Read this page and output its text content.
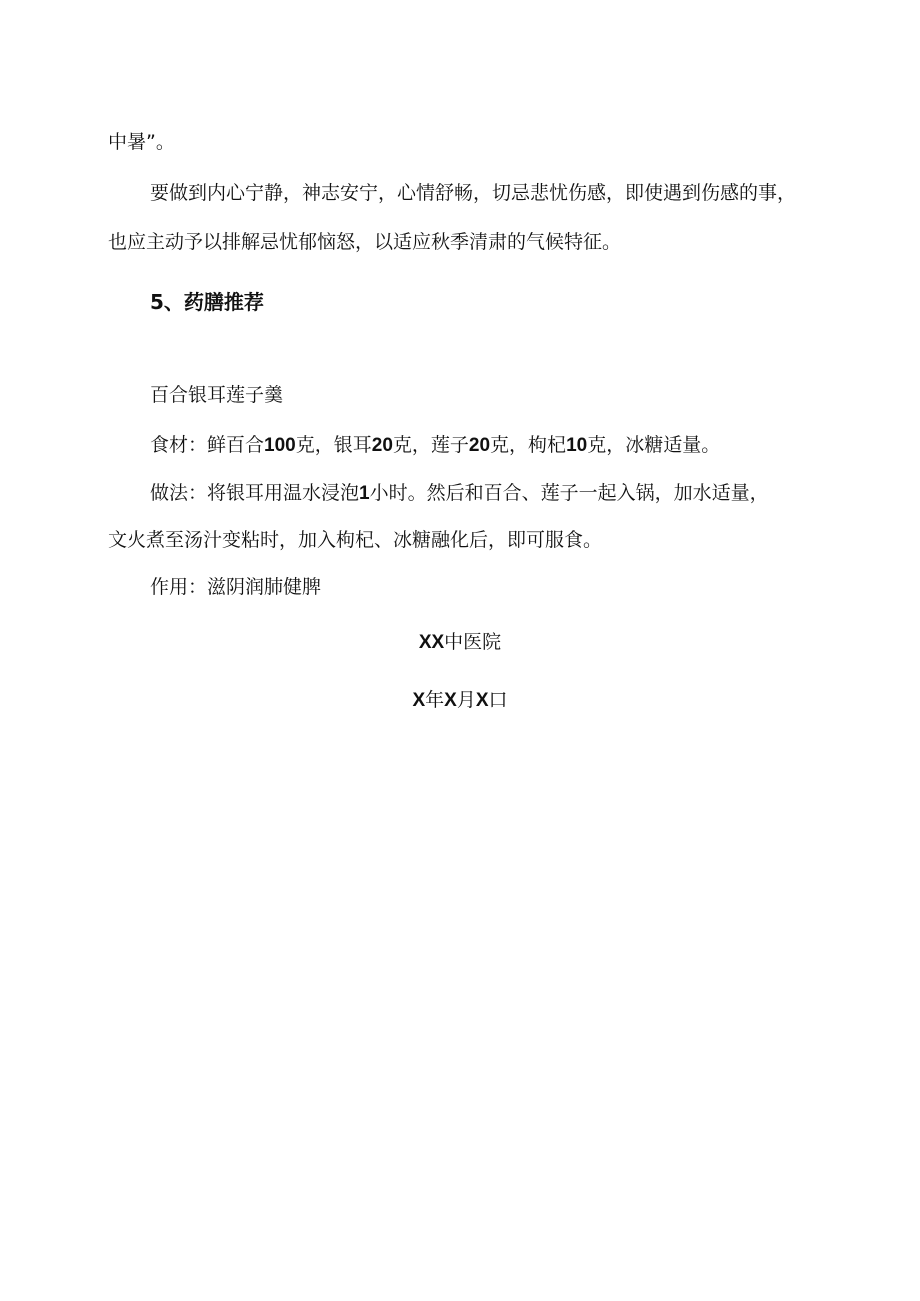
中暑”。
要做到内心宁静，神志安宁，心情舒畅，切忌悲忧伤感，即使遇到伤感的事，
也应主动予以排解忌忧郁恼怒，以适应秋季清肃的气候特征。
5、药膳推荐
百合银耳莲子羹
食材：鲜百合100克，银耳20克，莲子20克，枸杞10克，冰糖适量。
做法：将银耳用温水浸泡1小时。然后和百合、莲子一起入锅，加水适量，
文火煮至汤汁变粘时，加入枸杞、冰糖融化后，即可服食。
作用：滋阴润肺健脾
XX中医院
X年X月X口
